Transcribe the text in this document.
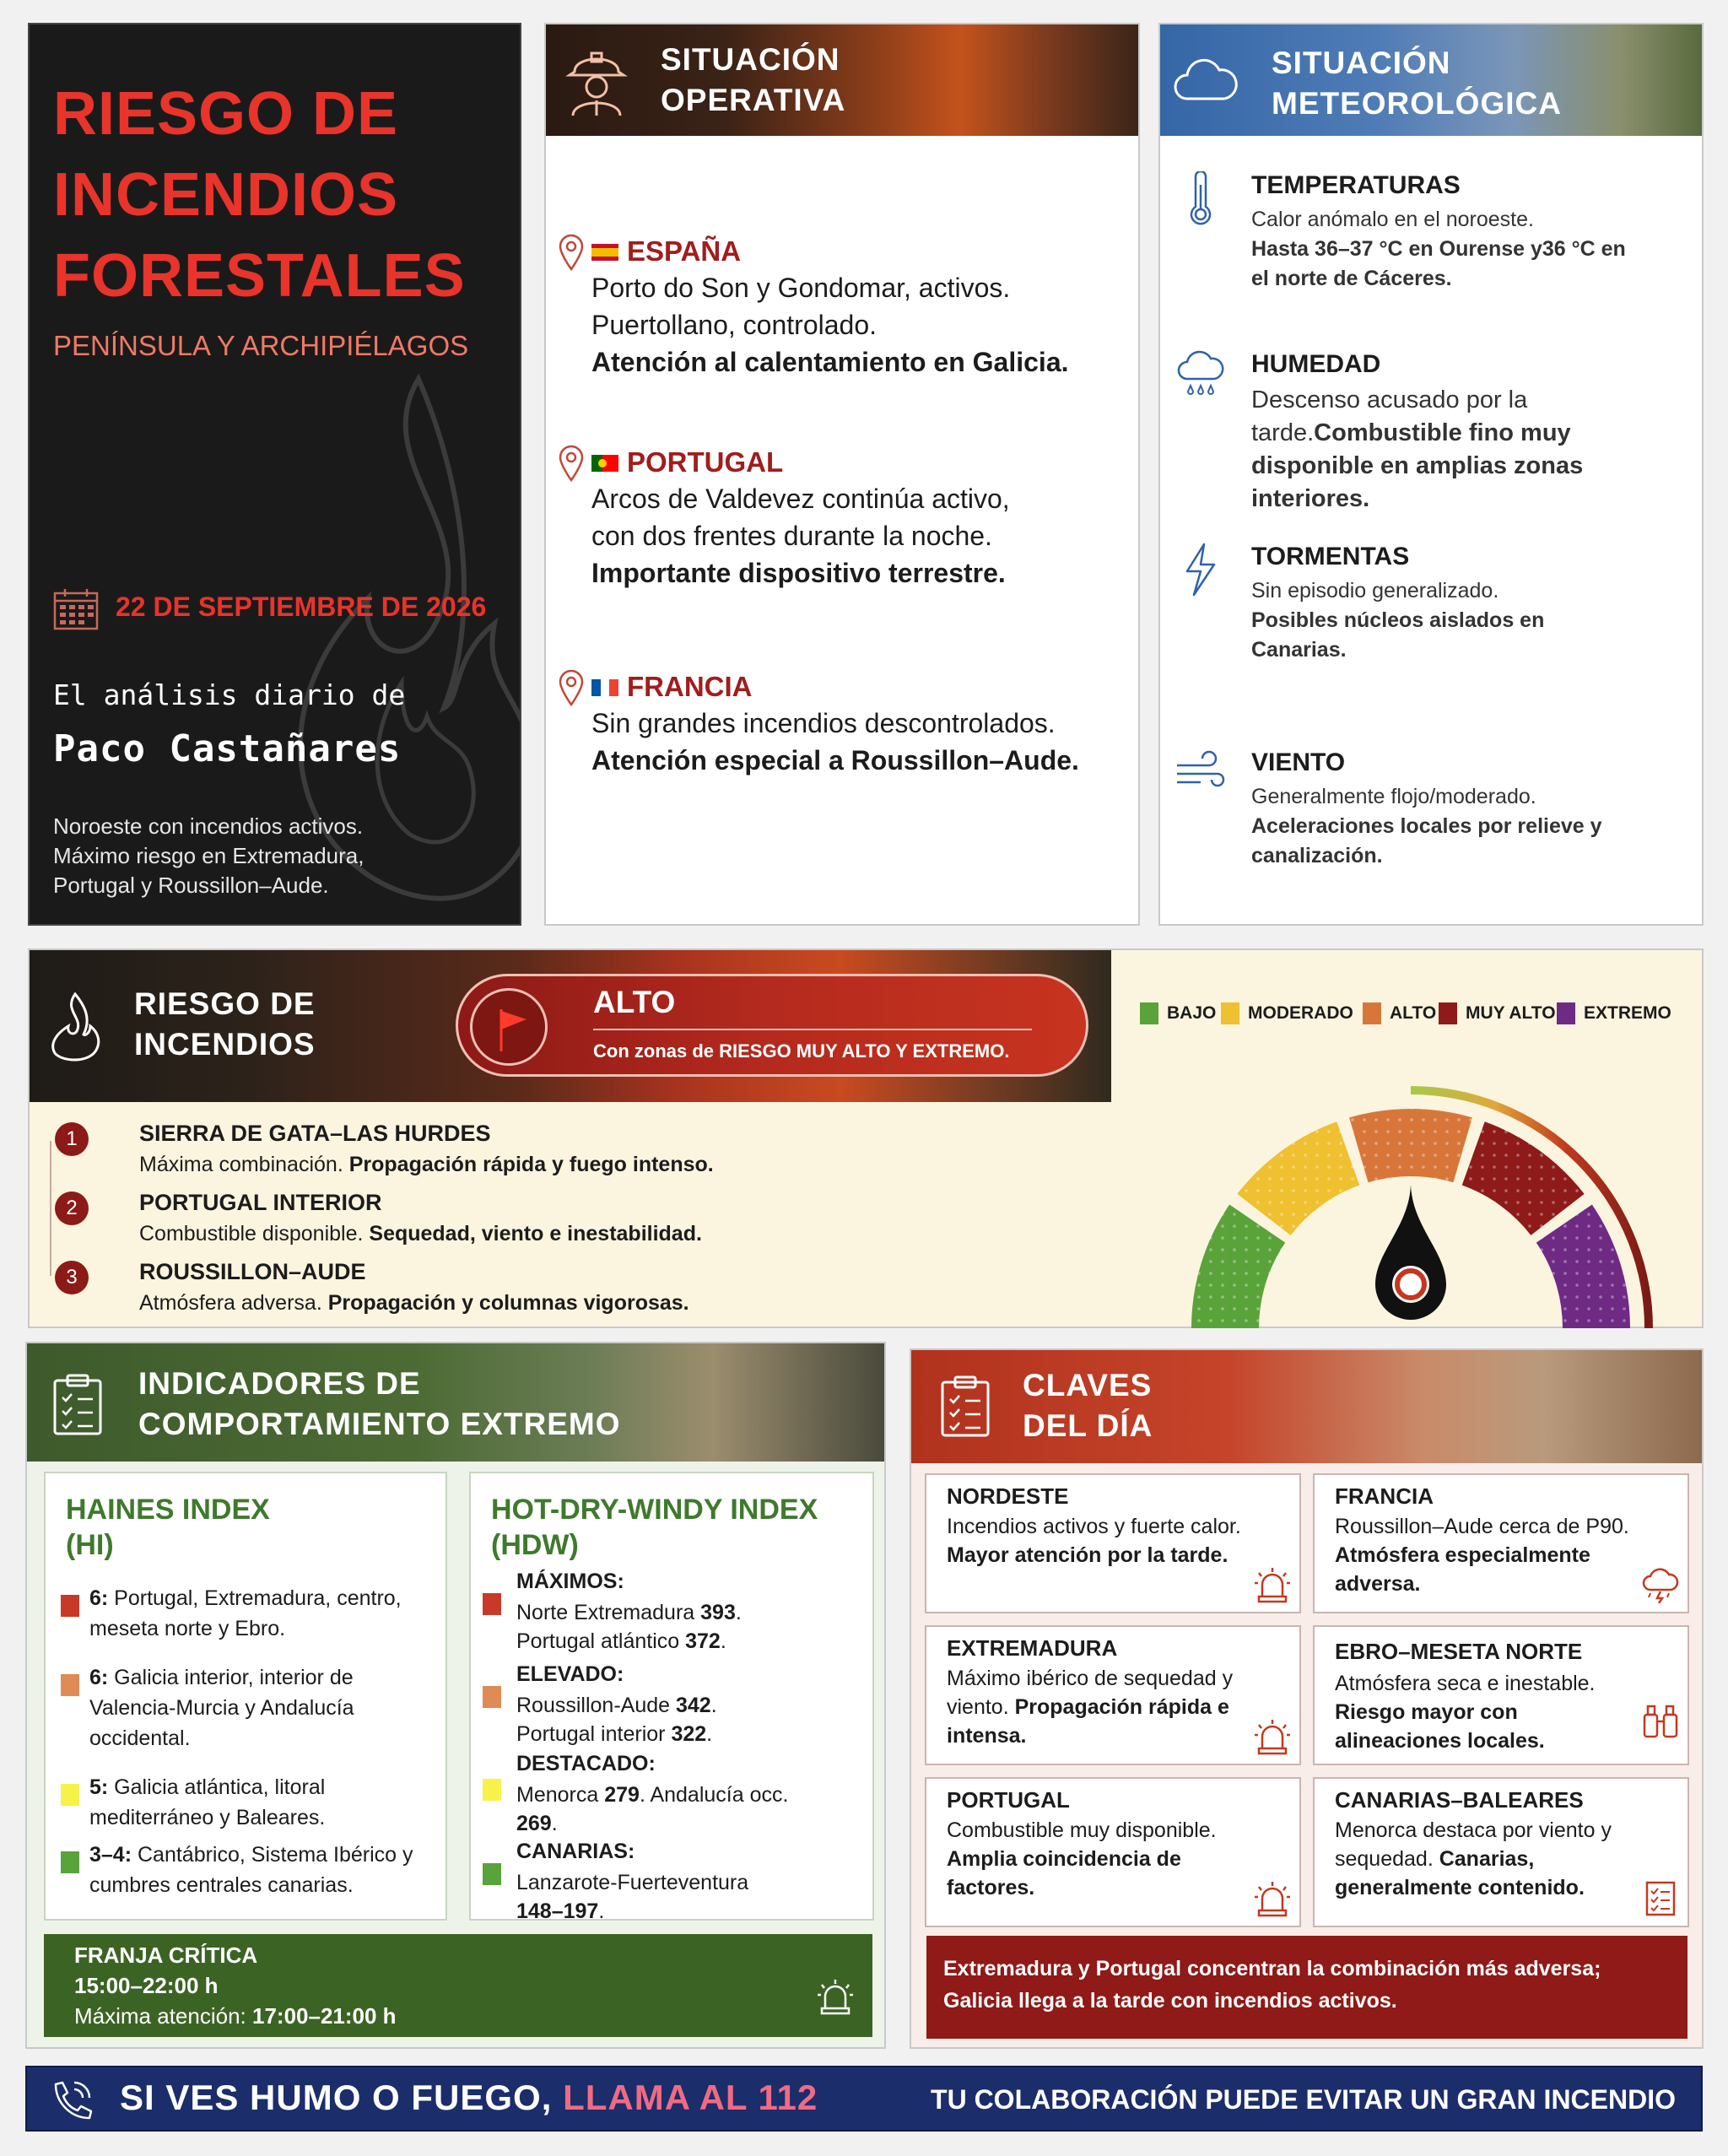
RIESGO DE
INCENDIOS
FORESTALES
PENÍNSULA Y ARCHIPIÉLAGOS
22 DE SEPTIEMBRE DE 2026
El análisis diario de
Paco Castañares
Noroeste con incendios activos.
Máximo riesgo en Extremadura,
Portugal y Roussillon–Aude.
SITUACIÓN
OPERATIVA
ESPAÑA
Porto do Son y Gondomar, activos.
Puertollano, controlado.
Atención al calentamiento en Galicia.
PORTUGAL
Arcos de Valdevez continúa activo,
con dos frentes durante la noche.
Importante dispositivo terrestre.
FRANCIA
Sin grandes incendios descontrolados.
Atención especial a Roussillon–Aude.
SITUACIÓN
METEOROLÓGICA
TEMPERATURAS
Calor anómalo en el noroeste.
Hasta 36–37 °C en Ourense y36 °C en
el norte de Cáceres.
HUMEDAD
Descenso acusado por la
tarde.Combustible fino muy
disponible en amplias zonas
interiores.
TORMENTAS
Sin episodio generalizado.
Posibles núcleos aislados en
Canarias.
VIENTO
Generalmente flojo/moderado.
Aceleraciones locales por relieve y
canalización.
RIESGO DE
INCENDIOS
ALTO
Con zonas de RIESGO MUY ALTO Y EXTREMO.
BAJO MODERADO ALTO MUY ALTO EXTREMO
1	SIERRA DE GATA–LAS HURDES
Máxima combinación. Propagación rápida y fuego intenso.
2	PORTUGAL INTERIOR
Combustible disponible. Sequedad, viento e inestabilidad.
3	ROUSSILLON–AUDE
Atmósfera adversa. Propagación y columnas vigorosas.
INDICADORES DE
COMPORTAMIENTO EXTREMO
HAINES INDEX
(HI)
6: Portugal, Extremadura, centro, meseta norte y Ebro.
6: Galicia interior, interior de Valencia-Murcia y Andalucía occidental.
5: Galicia atlántica, litoral mediterráneo y Baleares.
3–4: Cantábrico, Sistema Ibérico y cumbres centrales canarias.
HOT-DRY-WINDY INDEX
(HDW)
MÁXIMOS:
Norte Extremadura 393.
Portugal atlántico 372.
ELEVADO:
Roussillon-Aude 342.
Portugal interior 322.
DESTACADO:
Menorca 279. Andalucía occ.
269.
CANARIAS:
Lanzarote-Fuerteventura
148–197.
FRANJA CRÍTICA
15:00–22:00 h
Máxima atención: 17:00–21:00 h
CLAVES
DEL DÍA
NORDESTE
Incendios activos y fuerte calor.
Mayor atención por la tarde.
FRANCIA
Roussillon–Aude cerca de P90.
Atmósfera especialmente adversa.
EXTREMADURA
Máximo ibérico de sequedad y viento. Propagación rápida e intensa.
EBRO–MESETA NORTE
Atmósfera seca e inestable.
Riesgo mayor con alineaciones locales.
PORTUGAL
Combustible muy disponible.
Amplia coincidencia de factores.
CANARIAS–BALEARES
Menorca destaca por viento y sequedad. Canarias, generalmente contenido.
Extremadura y Portugal concentran la combinación más adversa;
Galicia llega a la tarde con incendios activos.
SI VES HUMO O FUEGO, LLAMA AL 112	TU COLABORACIÓN PUEDE EVITAR UN GRAN INCENDIO
